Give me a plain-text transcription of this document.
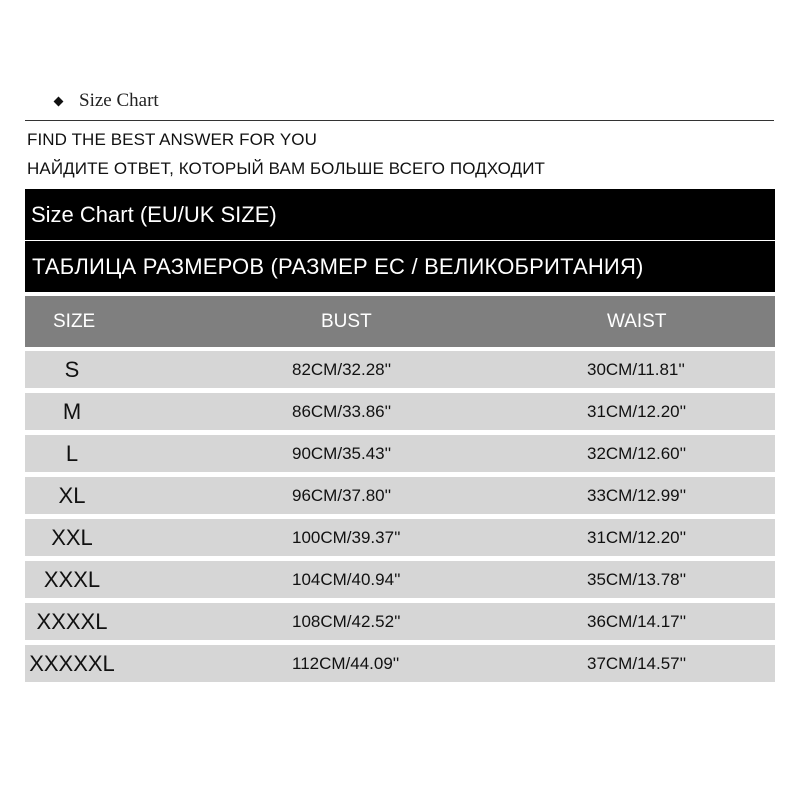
Size Chart
FIND THE BEST ANSWER FOR YOU
НАЙДИТЕ ОТВЕТ, КОТОРЫЙ ВАМ БОЛЬШЕ ВСЕГО ПОДХОДИТ
Size Chart (EU/UK SIZE)
ТАБЛИЦА РАЗМЕРОВ (РАЗМЕР ЕС / ВЕЛИКОБРИТАНИЯ)
SIZE	BUST	WAIST
S	82CM/32.28''	30CM/11.81''
M	86CM/33.86''	31CM/12.20''
L	90CM/35.43''	32CM/12.60''
XL	96CM/37.80''	33CM/12.99''
XXL	100CM/39.37''	31CM/12.20''
XXXL	104CM/40.94''	35CM/13.78''
XXXXL	108CM/42.52''	36CM/14.17''
XXXXXL	112CM/44.09''	37CM/14.57''
